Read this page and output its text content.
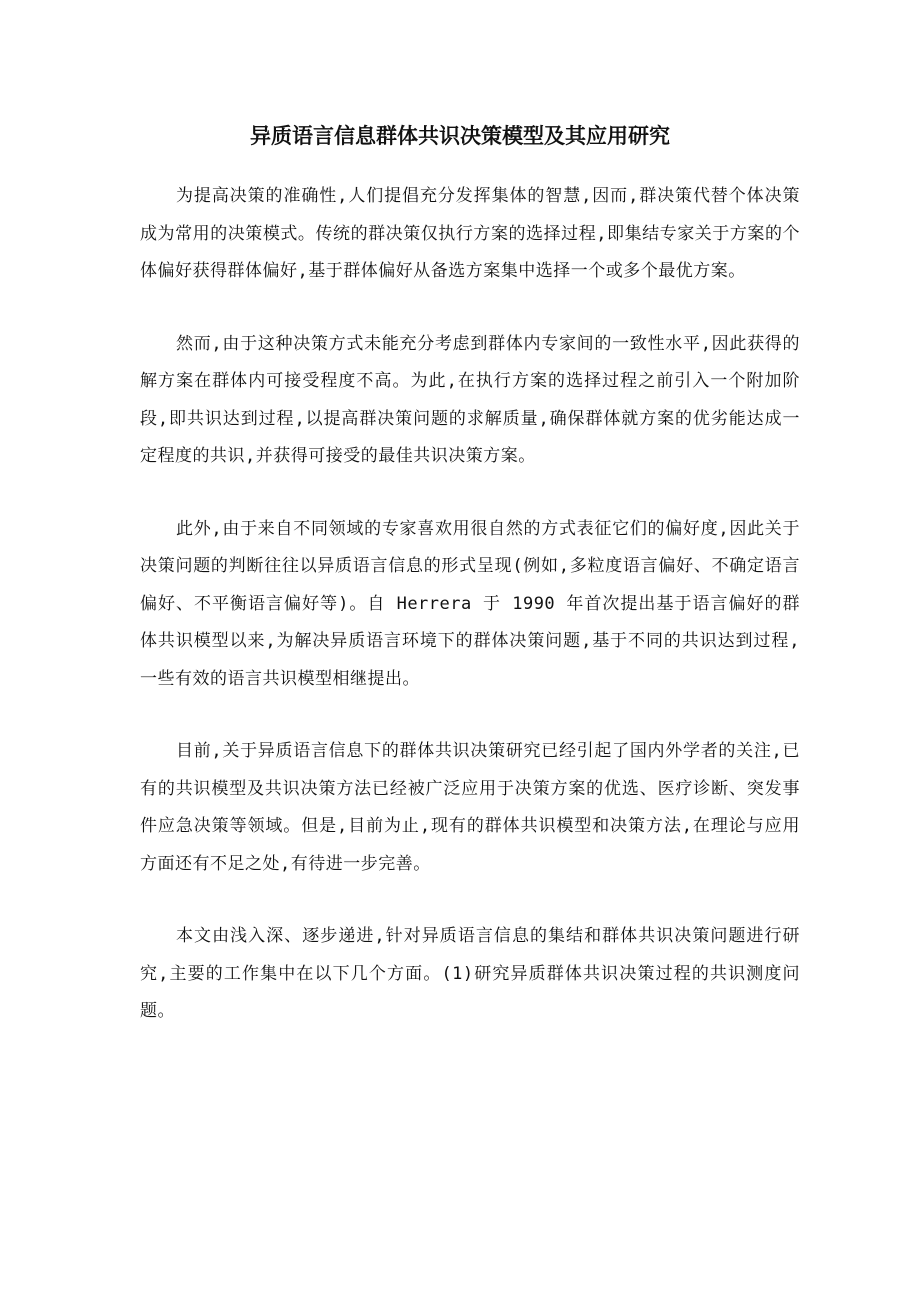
异质语言信息群体共识决策模型及其应用研究

为提高决策的准确性,人们提倡充分发挥集体的智慧,因而,群决策代替个体决策成为常用的决策模式。传统的群决策仅执行方案的选择过程,即集结专家关于方案的个体偏好获得群体偏好,基于群体偏好从备选方案集中选择一个或多个最优方案。

然而,由于这种决策方式未能充分考虑到群体内专家间的一致性水平,因此获得的解方案在群体内可接受程度不高。为此,在执行方案的选择过程之前引入一个附加阶段,即共识达到过程,以提高群决策问题的求解质量,确保群体就方案的优劣能达成一定程度的共识,并获得可接受的最佳共识决策方案。

此外,由于来自不同领域的专家喜欢用很自然的方式表征它们的偏好度,因此关于决策问题的判断往往以异质语言信息的形式呈现(例如,多粒度语言偏好、不确定语言偏好、不平衡语言偏好等)。自 Herrera 于 1990 年首次提出基于语言偏好的群体共识模型以来,为解决异质语言环境下的群体决策问题,基于不同的共识达到过程,一些有效的语言共识模型相继提出。

目前,关于异质语言信息下的群体共识决策研究已经引起了国内外学者的关注,已有的共识模型及共识决策方法已经被广泛应用于决策方案的优选、医疗诊断、突发事件应急决策等领域。但是,目前为止,现有的群体共识模型和决策方法,在理论与应用方面还有不足之处,有待进一步完善。

本文由浅入深、逐步递进,针对异质语言信息的集结和群体共识决策问题进行研究,主要的工作集中在以下几个方面。(1)研究异质群体共识决策过程的共识测度问题。
